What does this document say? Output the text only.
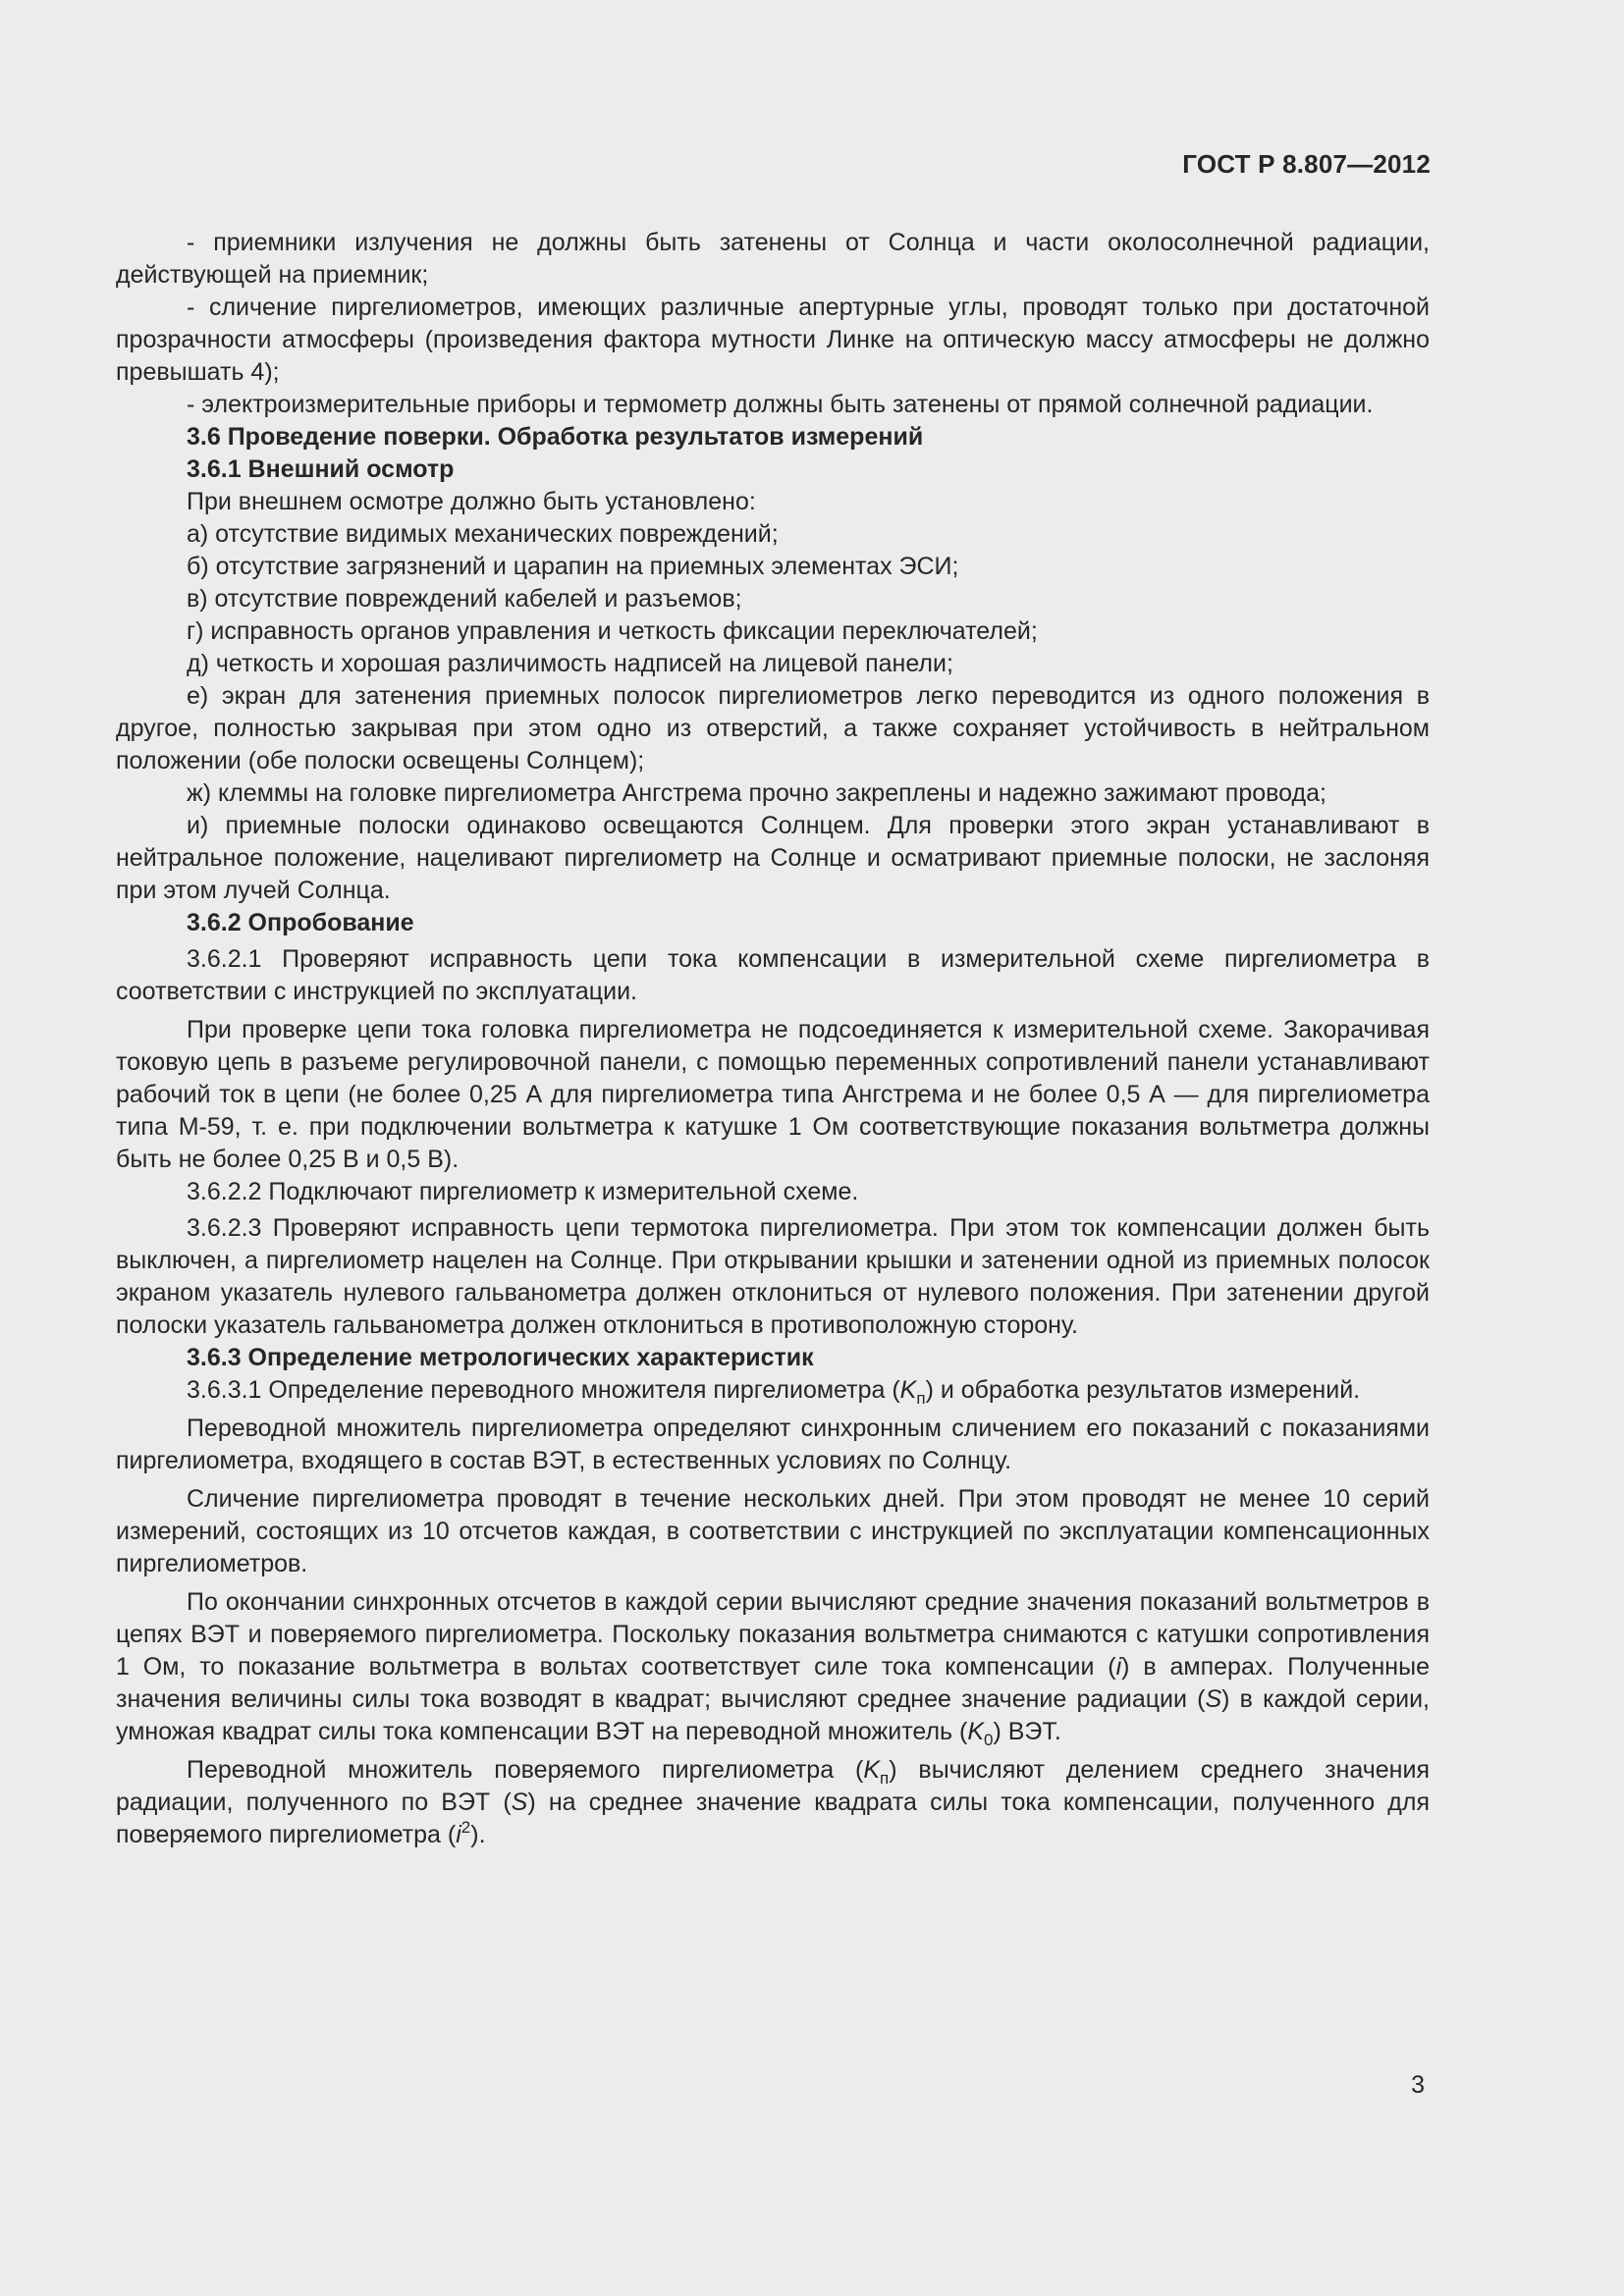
ГОСТ Р 8.807—2012

- приемники излучения не должны быть затенены от Солнца и части околосолнечной радиации, действующей на приемник;

- сличение пиргелиометров, имеющих различные апертурные углы, проводят только при достаточной прозрачности атмосферы (произведения фактора мутности Линке на оптическую массу атмосферы не должно превышать 4);

- электроизмерительные приборы и термометр должны быть затенены от прямой солнечной радиации.

3.6 Проведение поверки. Обработка результатов измерений

3.6.1 Внешний осмотр

При внешнем осмотре должно быть установлено:

а) отсутствие видимых механических повреждений;

б) отсутствие загрязнений и царапин на приемных элементах ЭСИ;

в) отсутствие повреждений кабелей и разъемов;

г) исправность органов управления и четкость фиксации переключателей;

д) четкость и хорошая различимость надписей на лицевой панели;

е) экран для затенения приемных полосок пиргелиометров легко переводится из одного положения в другое, полностью закрывая при этом одно из отверстий, а также сохраняет устойчивость в нейтральном положении (обе полоски освещены Солнцем);

ж) клеммы на головке пиргелиометра Ангстрема прочно закреплены и надежно зажимают провода;

и) приемные полоски одинаково освещаются Солнцем. Для проверки этого экран устанавливают в нейтральное положение, нацеливают пиргелиометр на Солнце и осматривают приемные полоски, не заслоняя при этом лучей Солнца.

3.6.2 Опробование

3.6.2.1 Проверяют исправность цепи тока компенсации в измерительной схеме пиргелиометра в соответствии с инструкцией по эксплуатации.

При проверке цепи тока головка пиргелиометра не подсоединяется к измерительной схеме. Закорачивая токовую цепь в разъеме регулировочной панели, с помощью переменных сопротивлений панели устанавливают рабочий ток в цепи (не более 0,25 А для пиргелиометра типа Ангстрема и не более 0,5 А — для пиргелиометра типа М-59, т. е. при подключении вольтметра к катушке 1 Ом соответствующие показания вольтметра должны быть не более 0,25 В и 0,5 В).

3.6.2.2 Подключают пиргелиометр к измерительной схеме.

3.6.2.3 Проверяют исправность цепи термотока пиргелиометра. При этом ток компенсации должен быть выключен, а пиргелиометр нацелен на Солнце. При открывании крышки и затенении одной из приемных полосок экраном указатель нулевого гальванометра должен отклониться от нулевого положения. При затенении другой полоски указатель гальванометра должен отклониться в противоположную сторону.

3.6.3 Определение метрологических характеристик

3.6.3.1 Определение переводного множителя пиргелиометра $(K_п)$ и обработка результатов измерений.

Переводной множитель пиргелиометра определяют синхронным сличением его показаний с показаниями пиргелиометра, входящего в состав ВЭТ, в естественных условиях по Солнцу.

Сличение пиргелиометра проводят в течение нескольких дней. При этом проводят не менее 10 серий измерений, состоящих из 10 отсчетов каждая, в соответствии с инструкцией по эксплуатации компенсационных пиргелиометров.

По окончании синхронных отсчетов в каждой серии вычисляют средние значения показаний вольтметров в цепях ВЭТ и поверяемого пиргелиометра. Поскольку показания вольтметра снимаются с катушки сопротивления 1 Ом, то показание вольтметра в вольтах соответствует силе тока компенсации (i) в амперах. Полученные значения величины силы тока возводят в квадрат; вычисляют среднее значение радиации (S) в каждой серии, умножая квадрат силы тока компенсации ВЭТ на переводной множитель $(K_0)$ ВЭТ.

Переводной множитель поверяемого пиргелиометра $(K_п)$ вычисляют делением среднего значения радиации, полученного по ВЭТ (S) на среднее значение квадрата силы тока компенсации, полученного для поверяемого пиргелиометра $(i^2)$.

3
